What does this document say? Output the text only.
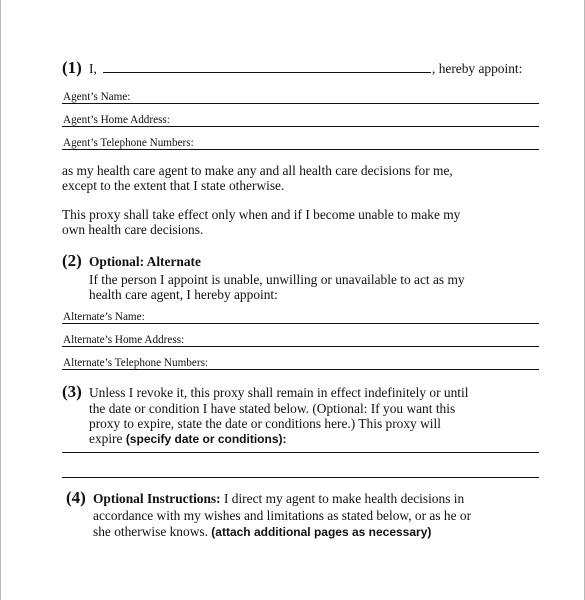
(1) I,	, hereby appoint:
Agent’s Name:
Agent’s Home Address:
Agent’s Telephone Numbers:
as my health care agent to make any and all health care decisions for me,
except to the extent that I state otherwise.
This proxy shall take effect only when and if I become unable to make my
own health care decisions.
(2) Optional: Alternate
If the person I appoint is unable, unwilling or unavailable to act as my
health care agent, I hereby appoint:
Alternate’s Name:
Alternate’s Home Address:
Alternate’s Telephone Numbers:
(3) Unless I revoke it, this proxy shall remain in effect indefinitely or until
the date or condition I have stated below. (Optional: If you want this
proxy to expire, state the date or conditions here.) This proxy will
expire (specify date or conditions):
(4) Optional Instructions: I direct my agent to make health decisions in
accordance with my wishes and limitations as stated below, or as he or
she otherwise knows. (attach additional pages as necessary)
